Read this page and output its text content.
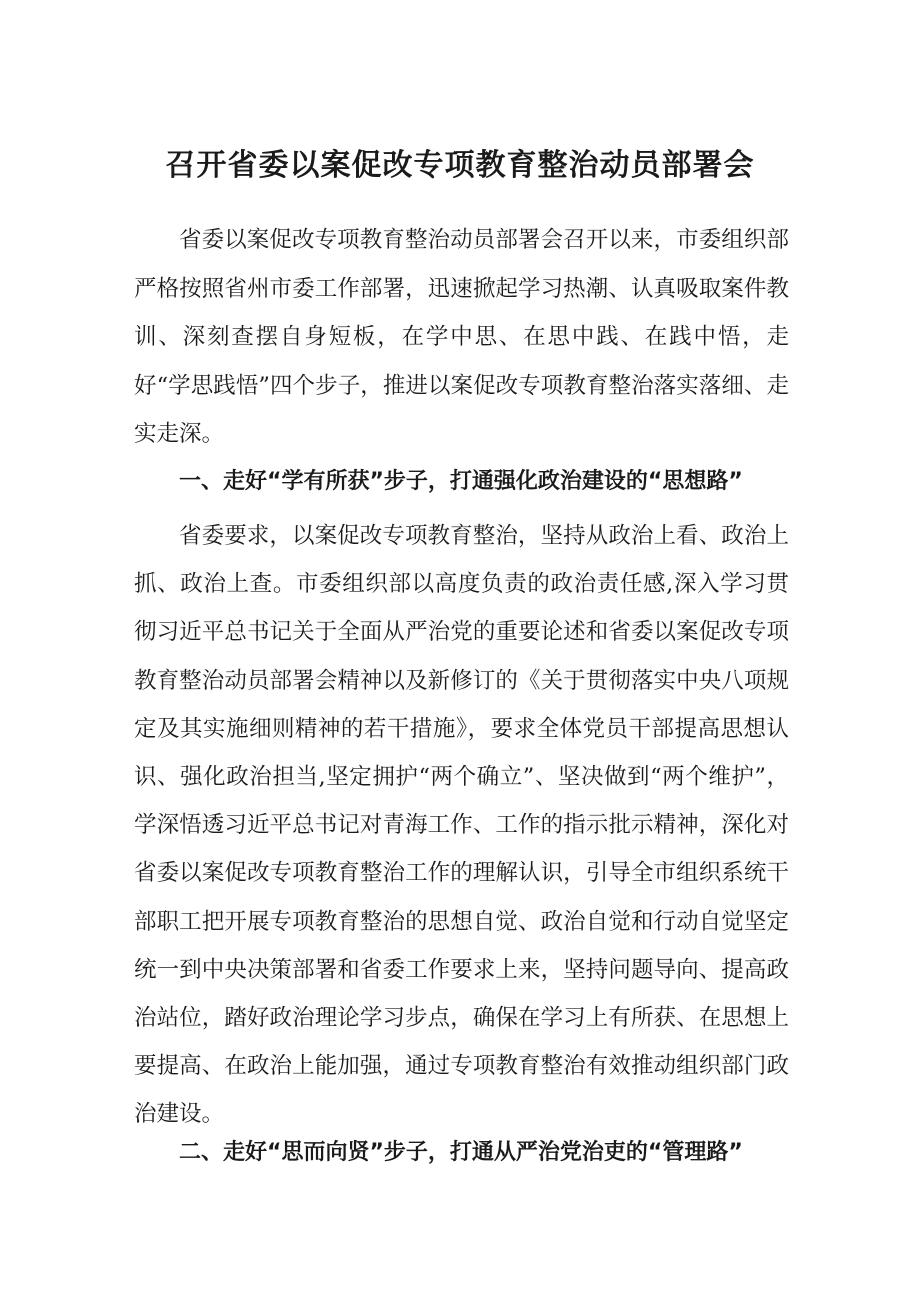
召开省委以案促改专项教育整治动员部署会

省委以案促改专项教育整治动员部署会召开以来，市委组织部严格按照省州市委工作部署，迅速掀起学习热潮、认真吸取案件教训、深刻查摆自身短板，在学中思、在思中践、在践中悟，走好“学思践悟”四个步子，推进以案促改专项教育整治落实落细、走实走深。

一、走好“学有所获”步子，打通强化政治建设的“思想路”

省委要求，以案促改专项教育整治，坚持从政治上看、政治上抓、政治上查。市委组织部以高度负责的政治责任感,深入学习贯彻习近平总书记关于全面从严治党的重要论述和省委以案促改专项教育整治动员部署会精神以及新修订的《关于贯彻落实中央八项规定及其实施细则精神的若干措施》，要求全体党员干部提高思想认识、强化政治担当,坚定拥护“两个确立”、坚决做到“两个维护”，学深悟透习近平总书记对青海工作、工作的指示批示精神，深化对省委以案促改专项教育整治工作的理解认识，引导全市组织系统干部职工把开展专项教育整治的思想自觉、政治自觉和行动自觉坚定统一到中央决策部署和省委工作要求上来，坚持问题导向、提高政治站位，踏好政治理论学习步点，确保在学习上有所获、在思想上要提高、在政治上能加强，通过专项教育整治有效推动组织部门政治建设。

二、走好“思而向贤”步子，打通从严治党治吏的“管理路”
